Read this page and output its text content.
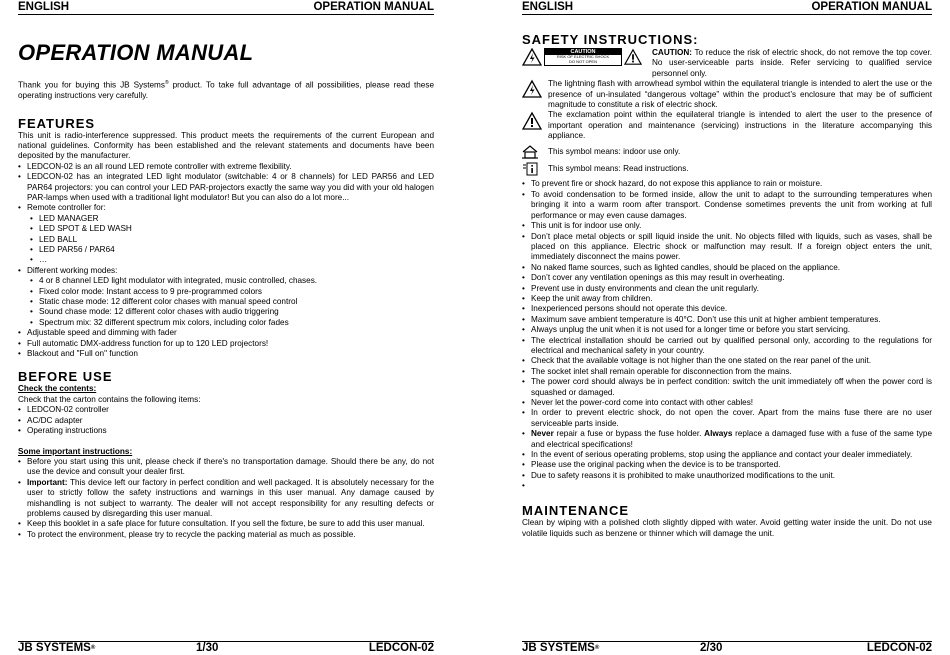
ENGLISH	OPERATION MANUAL
OPERATION MANUAL

Thank you for buying this JB Systems® product. To take full advantage of all possibilities, please read these operating instructions very carefully.

FEATURES

This unit is radio-interference suppressed. This product meets the requirements of the current European and national guidelines. Conformity has been established and the relevant statements and documents have been deposited by the manufacturer.

• LEDCON-02 is an all round LED remote controller with extreme flexibility.
• LEDCON-02 has an integrated LED light modulator (switchable: 4 or 8 channels) for LED PAR56 and LED PAR64 projectors: you can control your LED PAR-projectors exactly the same way you did with your old halogen PAR-lamps when used with a traditional light modulator! But you can also do a lot more...
• Remote controller for:
• LED MANAGER
• LED SPOT & LED WASH
• LED BALL
• LED PAR56 / PAR64
• …
• Different working modes:
• 4 or 8 channel LED light modulator with integrated, music controlled, chases.
• Fixed color mode: Instant access to 9 pre-programmed colors
• Static chase mode: 12 different color chases with manual speed control
• Sound chase mode: 12 different color chases with audio triggering
• Spectrum mix: 32 different spectrum mix colors, including color fades
• Adjustable speed and dimming with fader
• Full automatic DMX-address function for up to 120 LED projectors!
• Blackout and "Full on" function
BEFORE USE

Check the contents:

Check that the carton contains the following items:

• LEDCON-02 controller
• AC/DC adapter
• Operating instructions

Some important instructions:

• Before you start using this unit, please check if there's no transportation damage. Should there be any, do not use the device and consult your dealer first.
• Important: This device left our factory in perfect condition and well packaged. It is absolutely necessary for the user to strictly follow the safety instructions and warnings in this user manual. Any damage caused by mishandling is not subject to warranty. The dealer will not accept responsibility for any resulting defects or problems caused by disregarding this user manual.
• Keep this booklet in a safe place for future consultation. If you sell the fixture, be sure to add this user manual.
• To protect the environment, please try to recycle the packing material as much as possible.
JB SYSTEMS®	1/30	LEDCON-02
ENGLISH	OPERATION MANUAL
SAFETY INSTRUCTIONS:
CAUTION
RISK OF ELECTRIC SHOCK
DO NOT OPEN
CAUTION: To reduce the risk of electric shock, do not remove the top cover. No user-serviceable parts inside. Refer servicing to qualified service personnel only.
The lightning flash with arrowhead symbol within the equilateral triangle is intended to alert the use or the presence of un-insulated “dangerous voltage” within the product’s enclosure that may be of sufficient magnitude to constitute a risk of electric shock.
The exclamation point within the equilateral triangle is intended to alert the user to the presence of important operation and maintenance (servicing) instructions in the literature accompanying this appliance.
This symbol means: indoor use only.
This symbol means: Read instructions.
• To prevent fire or shock hazard, do not expose this appliance to rain or moisture.
• To avoid condensation to be formed inside, allow the unit to adapt to the surrounding temperatures when bringing it into a warm room after transport. Condense sometimes prevents the unit from working at full performance or may even cause damages.
• This unit is for indoor use only.
• Don’t place metal objects or spill liquid inside the unit. No objects filled with liquids, such as vases, shall be placed on this appliance. Electric shock or malfunction may result. If a foreign object enters the unit, immediately disconnect the mains power.
• No naked flame sources, such as lighted candles, should be placed on the appliance.
• Don’t cover any ventilation openings as this may result in overheating.
• Prevent use in dusty environments and clean the unit regularly.
• Keep the unit away from children.
• Inexperienced persons should not operate this device.
• Maximum save ambient temperature is 40°C. Don’t use this unit at higher ambient temperatures.
• Always unplug the unit when it is not used for a longer time or before you start servicing.
• The electrical installation should be carried out by qualified personal only, according to the regulations for electrical and mechanical safety in your country.
• Check that the available voltage is not higher than the one stated on the rear panel of the unit.
• The socket inlet shall remain operable for disconnection from the mains.
• The power cord should always be in perfect condition: switch the unit immediately off when the power cord is squashed or damaged.
• Never let the power-cord come into contact with other cables!
• In order to prevent electric shock, do not open the cover. Apart from the mains fuse there are no user serviceable parts inside.
• Never repair a fuse or bypass the fuse holder. Always replace a damaged fuse with a fuse of the same type and electrical specifications!
• In the event of serious operating problems, stop using the appliance and contact your dealer immediately.
• Please use the original packing when the device is to be transported.
• Due to safety reasons it is prohibited to make unauthorized modifications to the unit.
•
MAINTENANCE

Clean by wiping with a polished cloth slightly dipped with water. Avoid getting water inside the unit. Do not use volatile liquids such as benzene or thinner which will damage the unit.

JB SYSTEMS®	2/30	LEDCON-02
